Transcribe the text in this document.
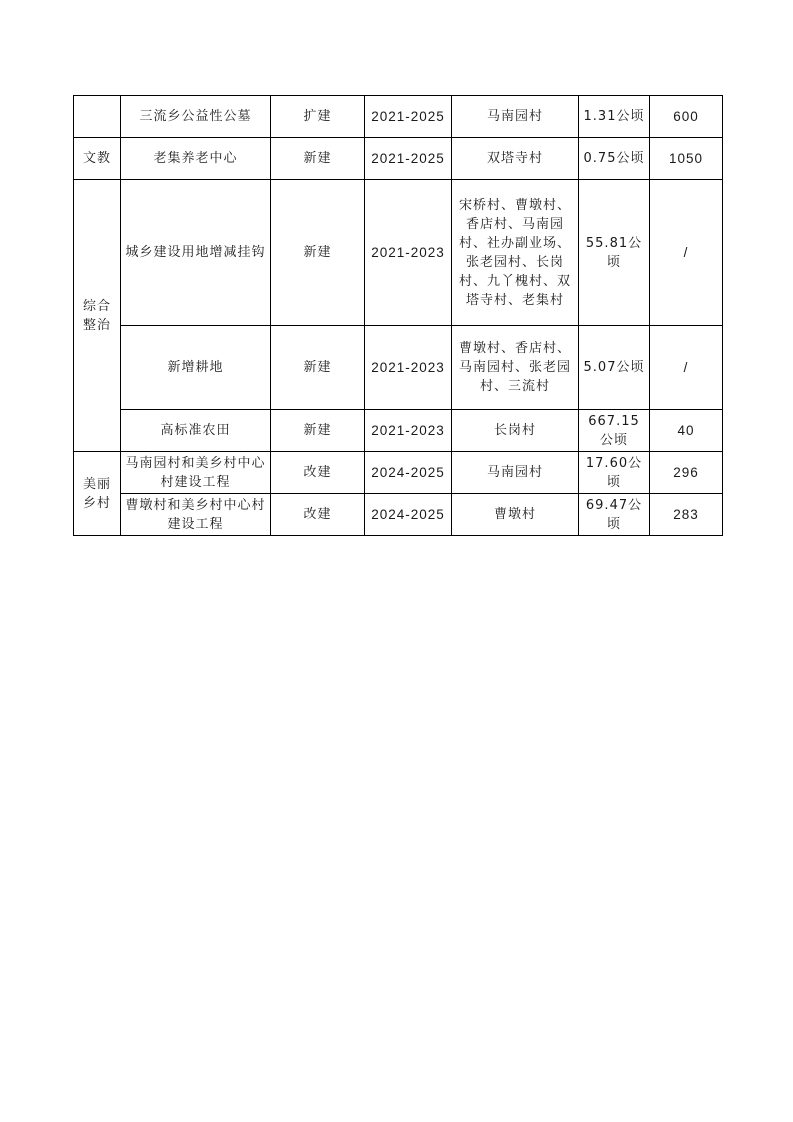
	三流乡公益性公墓	扩建	2021-2025	马南园村	1.31公顷	600
文教	老集养老中心	新建	2021-2025	双塔寺村	0.75公顷	1050
综合整治	城乡建设用地增减挂钩	新建	2021-2023	宋桥村、曹墩村、香店村、马南园村、社办副业场、张老园村、长岗村、九丫槐村、双塔寺村、老集村	55.81公顷	/
	新增耕地	新建	2021-2023	曹墩村、香店村、马南园村、张老园村、三流村	5.07公顷	/
	高标准农田	新建	2021-2023	长岗村	667.15公顷	40
美丽乡村	马南园村和美乡村中心村建设工程	改建	2024-2025	马南园村	17.60公顷	296
	曹墩村和美乡村中心村建设工程	改建	2024-2025	曹墩村	69.47公顷	283
